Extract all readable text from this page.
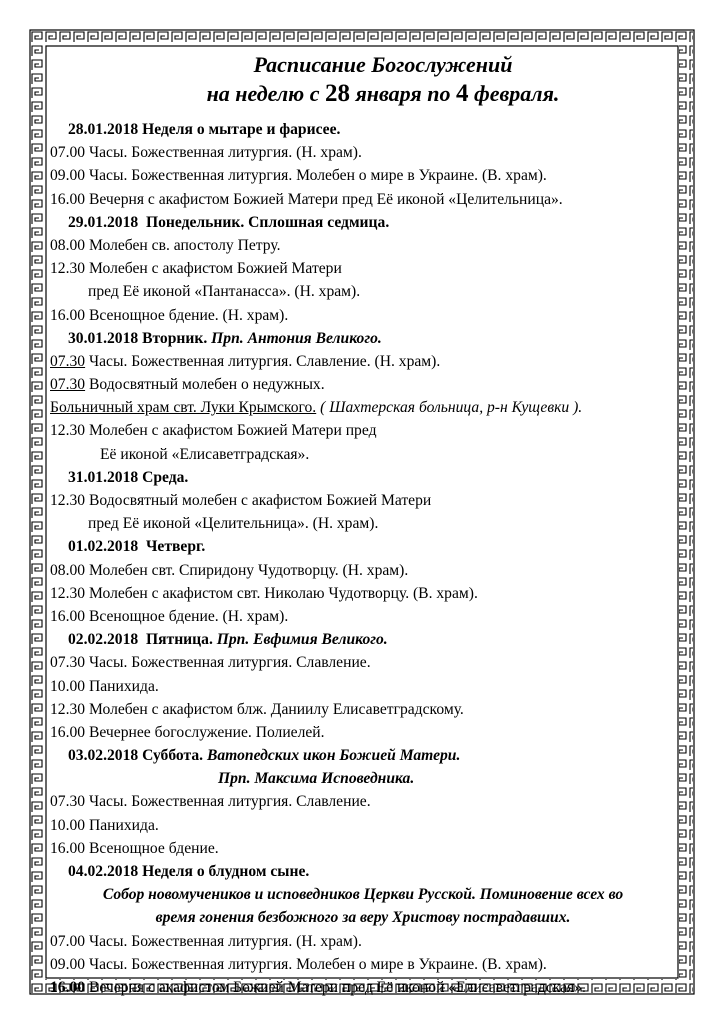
Расписание Богослужений
на неделю с 28 января по 4 февраля.
28.01.2018 Неделя о мытаре и фарисее.
07.00 Часы. Божественная литургия. (Н. храм).
09.00 Часы. Божественная литургия. Молебен о мире в Украине. (В. храм).
16.00 Вечерня с акафистом Божией Матери пред Её иконой «Целительница».
29.01.2018 Понедельник. Сплошная седмица.
08.00 Молебен св. апостолу Петру.
12.30 Молебен с акафистом Божией Матери
пред Её иконой «Пантанасса». (Н. храм).
16.00 Всенощное бдение. (Н. храм).
30.01.2018 Вторник. Прп. Антония Великого.
07.30 Часы. Божественная литургия. Славление. (Н. храм).
07.30 Водосвятный молебен о недужных.
Больничный храм свт. Луки Крымского. ( Шахтерская больница, р-н Кущевки ).
12.30 Молебен с акафистом Божией Матери пред
Её иконой «Елисаветградская».
31.01.2018 Среда.
12.30 Водосвятный молебен с акафистом Божией Матери
пред Её иконой «Целительница». (Н. храм).
01.02.2018 Четверг.
08.00 Молебен свт. Спиридону Чудотворцу. (Н. храм).
12.30 Молебен с акафистом свт. Николаю Чудотворцу. (В. храм).
16.00 Всенощное бдение. (Н. храм).
02.02.2018 Пятница. Прп. Евфимия Великого.
07.30 Часы. Божественная литургия. Славление.
10.00 Панихида.
12.30 Молебен с акафистом блж. Даниилу Елисаветградскому.
16.00 Вечернее богослужение. Полиелей.
03.02.2018 Суббота. Ватопедских икон Божией Матери.
Прп. Максима Исповедника.
07.30 Часы. Божественная литургия. Славление.
10.00 Панихида.
16.00 Всенощное бдение.
04.02.2018 Неделя о блудном сыне.
Собор новомучеников и исповедников Церкви Русской. Поминовение всех во
время гонения безбожного за веру Христову пострадавших.
07.00 Часы. Божественная литургия. (Н. храм).
09.00 Часы. Божественная литургия. Молебен о мире в Украине. (В. храм).
16.00 Вечерня с акафистом Божией Матери пред Её иконой «Елисаветградская».
